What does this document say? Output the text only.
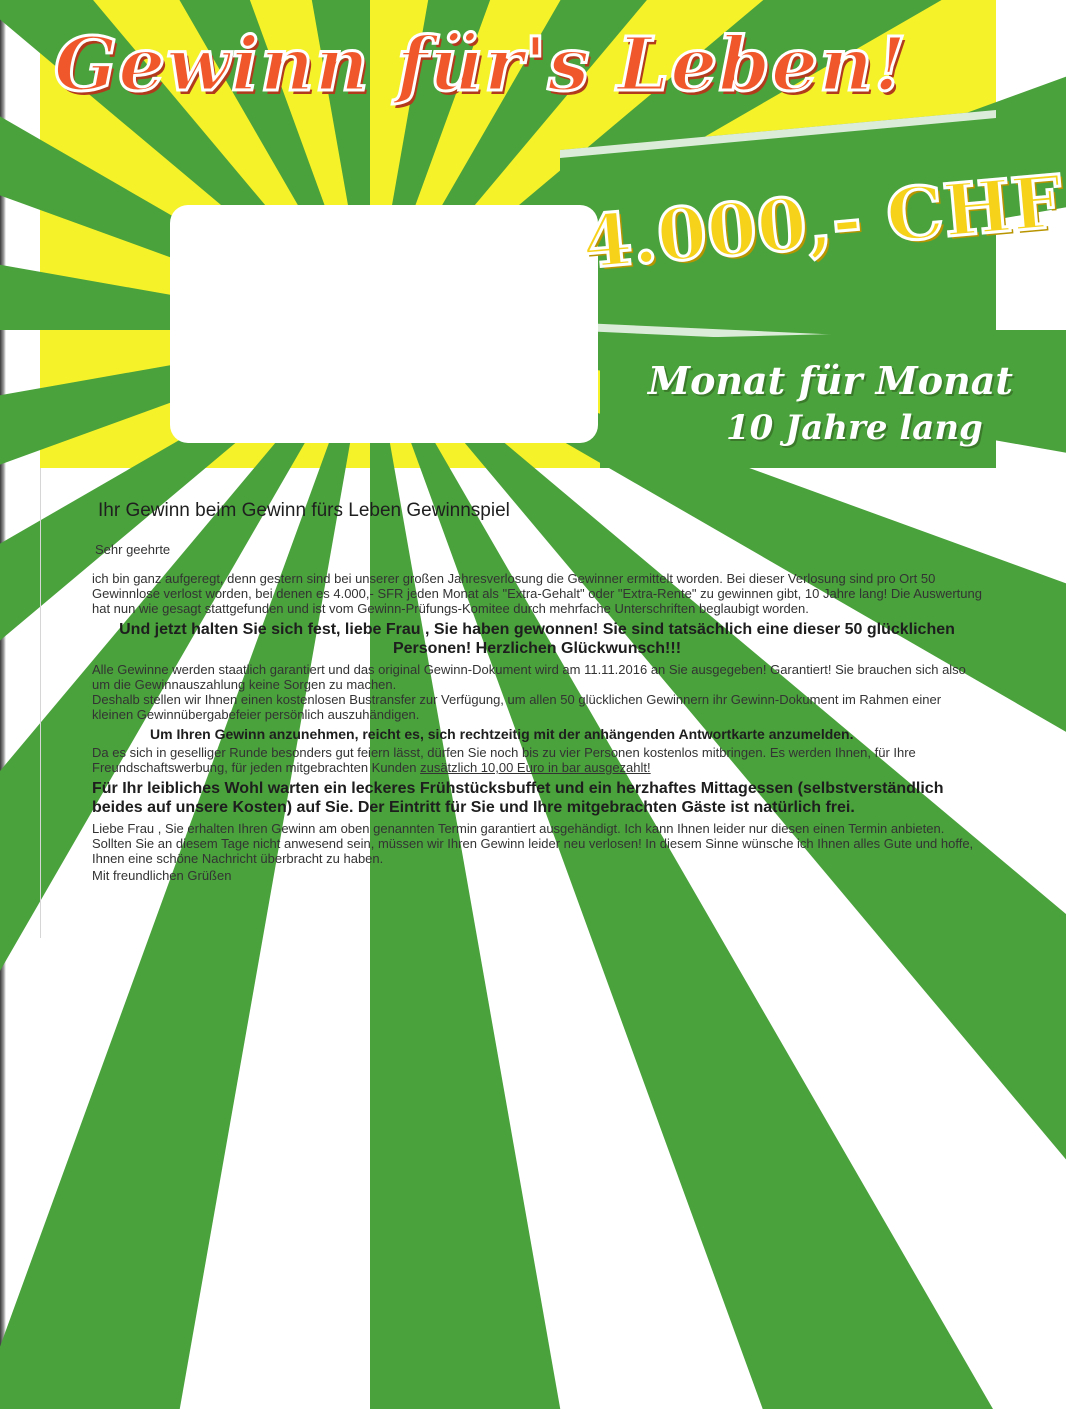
Gewinn für's Leben!
4.000,- CHF
Monat für Monat
10 Jahre lang
Ihr Gewinn beim Gewinn fürs Leben Gewinnspiel
Sehr geehrte

ich bin ganz aufgeregt, denn gestern sind bei unserer großen Jahresverlosung die Gewinner ermittelt worden. Bei dieser Verlosung sind pro Ort 50 Gewinnlose verlost worden, bei denen es 4.000,- SFR jeden Monat als "Extra-Gehalt" oder "Extra-Rente" zu gewinnen gibt, 10 Jahre lang! Die Auswertung hat nun wie gesagt stattgefunden und ist vom Gewinn-Prüfungs-Komitee durch mehrfache Unterschriften beglaubigt worden.

Und jetzt halten Sie sich fest, liebe Frau , Sie haben gewonnen! Sie sind tatsächlich eine dieser 50 glücklichen Personen! Herzlichen Glückwunsch!!!

Alle Gewinne werden staatlich garantiert und das original Gewinn-Dokument wird am 11.11.2016 an Sie ausgegeben! Garantiert! Sie brauchen sich also um die Gewinnauszahlung keine Sorgen zu machen.

Deshalb stellen wir Ihnen einen kostenlosen Bustransfer zur Verfügung, um allen 50 glücklichen Gewinnern ihr Gewinn-Dokument im Rahmen einer kleinen Gewinnübergabefeier persönlich auszuhändigen.

Um Ihren Gewinn anzunehmen, reicht es, sich rechtzeitig mit der anhängenden Antwortkarte anzumelden.

Da es sich in geselliger Runde besonders gut feiern lässt, dürfen Sie noch bis zu vier Personen kostenlos mitbringen. Es werden Ihnen, für Ihre Freundschaftswerbung, für jeden mitgebrachten Kunden zusätzlich 10,00 Euro in bar ausgezahlt!

Für Ihr leibliches Wohl warten ein leckeres Frühstücksbuffet und ein herzhaftes Mittagessen (selbstverständlich beides auf unsere Kosten) auf Sie. Der Eintritt für Sie und Ihre mitgebrachten Gäste ist natürlich frei.

Liebe Frau , Sie erhalten Ihren Gewinn am oben genannten Termin garantiert ausgehändigt. Ich kann Ihnen leider nur diesen einen Termin anbieten. Sollten Sie an diesem Tage nicht anwesend sein, müssen wir Ihren Gewinn leider neu verlosen! In diesem Sinne wünsche ich Ihnen alles Gute und hoffe, Ihnen eine schöne Nachricht überbracht zu haben.

Mit freundlichen Grüßen
